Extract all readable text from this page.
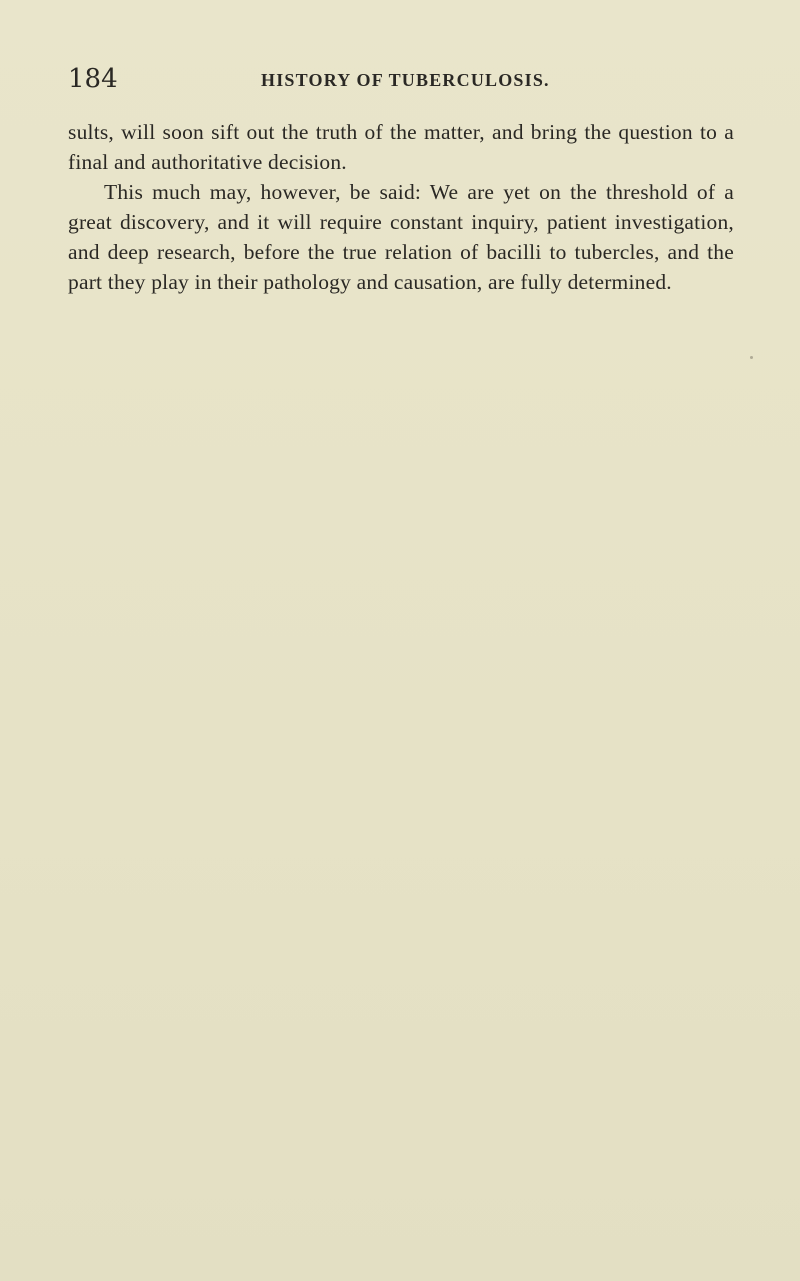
184	HISTORY OF TUBERCULOSIS.

sults, will soon sift out the truth of the matter, and bring the question to a final and authoritative decision.

This much may, however, be said: We are yet on the threshold of a great discovery, and it will require constant inquiry, patient investigation, and deep research, before the true relation of bacilli to tubercles, and the part they play in their pathology and causation, are fully determined.
